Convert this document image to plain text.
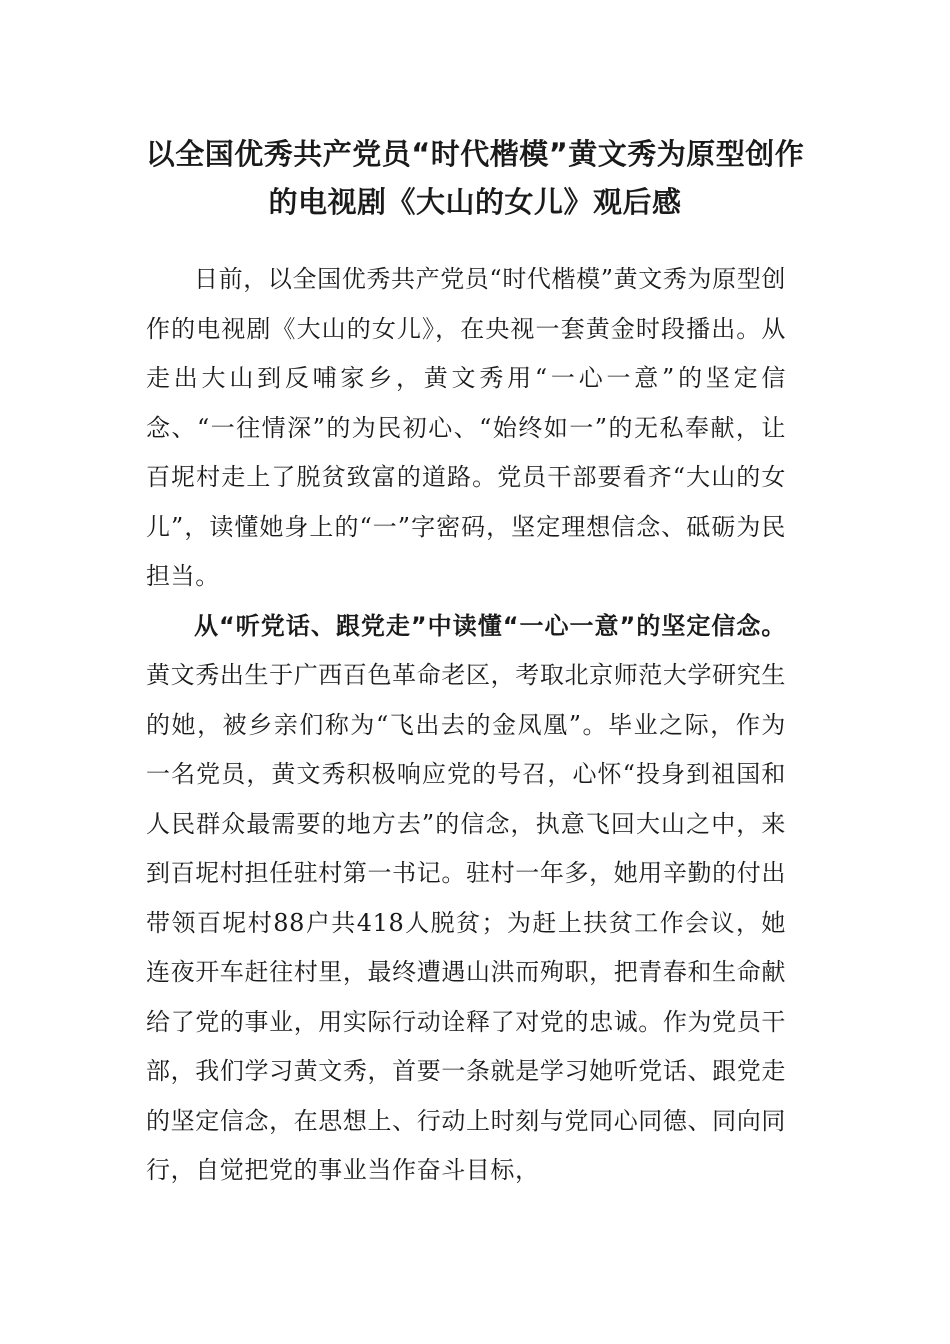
以全国优秀共产党员“时代楷模”黄文秀为原型创作
的电视剧《大山的女儿》观后感

日前，以全国优秀共产党员“时代楷模”黄文秀为原型创作的电视剧《大山的女儿》，在央视一套黄金时段播出。从走出大山到反哺家乡，黄文秀用“一心一意”的坚定信念、“一往情深”的为民初心、“始终如一”的无私奉献，让百坭村走上了脱贫致富的道路。党员干部要看齐“大山的女儿”，读懂她身上的“一”字密码，坚定理想信念、砥砺为民担当。

从“听党话、跟党走”中读懂“一心一意”的坚定信念。黄文秀出生于广西百色革命老区，考取北京师范大学研究生的她，被乡亲们称为“飞出去的金凤凰”。毕业之际，作为一名党员，黄文秀积极响应党的号召，心怀“投身到祖国和人民群众最需要的地方去”的信念，执意飞回大山之中，来到百坭村担任驻村第一书记。驻村一年多，她用辛勤的付出带领百坭村88户共418人脱贫；为赶上扶贫工作会议，她连夜开车赶往村里，最终遭遇山洪而殉职，把青春和生命献给了党的事业，用实际行动诠释了对党的忠诚。作为党员干部，我们学习黄文秀，首要一条就是学习她听党话、跟党走的坚定信念，在思想上、行动上时刻与党同心同德、同向同行，自觉把党的事业当作奋斗目标，
